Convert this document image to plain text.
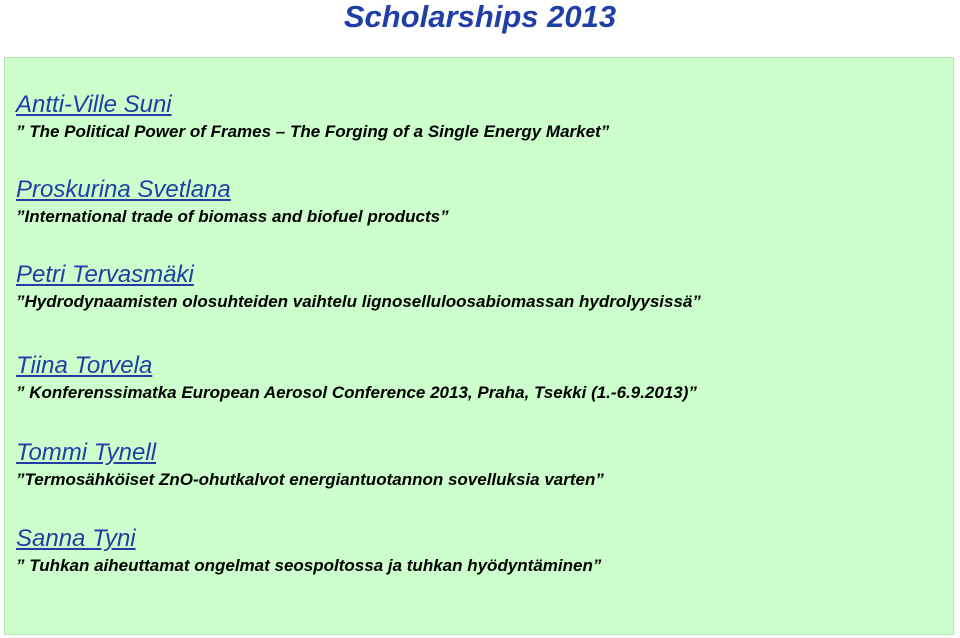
Scholarships 2013
Antti-Ville Suni
” The Political Power of Frames – The Forging of a Single Energy Market”
Proskurina Svetlana
”International trade of biomass and biofuel products”
Petri Tervasmäki
”Hydrodynaamisten olosuhteiden vaihtelu lignoselluloosabiomassan hydrolyysissä”
Tiina Torvela
” Konferenssimatka European Aerosol Conference 2013, Praha, Tsekki (1.-6.9.2013)”
Tommi Tynell
”Termosähköiset ZnO-ohutkalvot energiantuotannon sovelluksia varten”
Sanna Tyni
” Tuhkan aiheuttamat ongelmat seospoltossa ja tuhkan hyödyntäminen”
